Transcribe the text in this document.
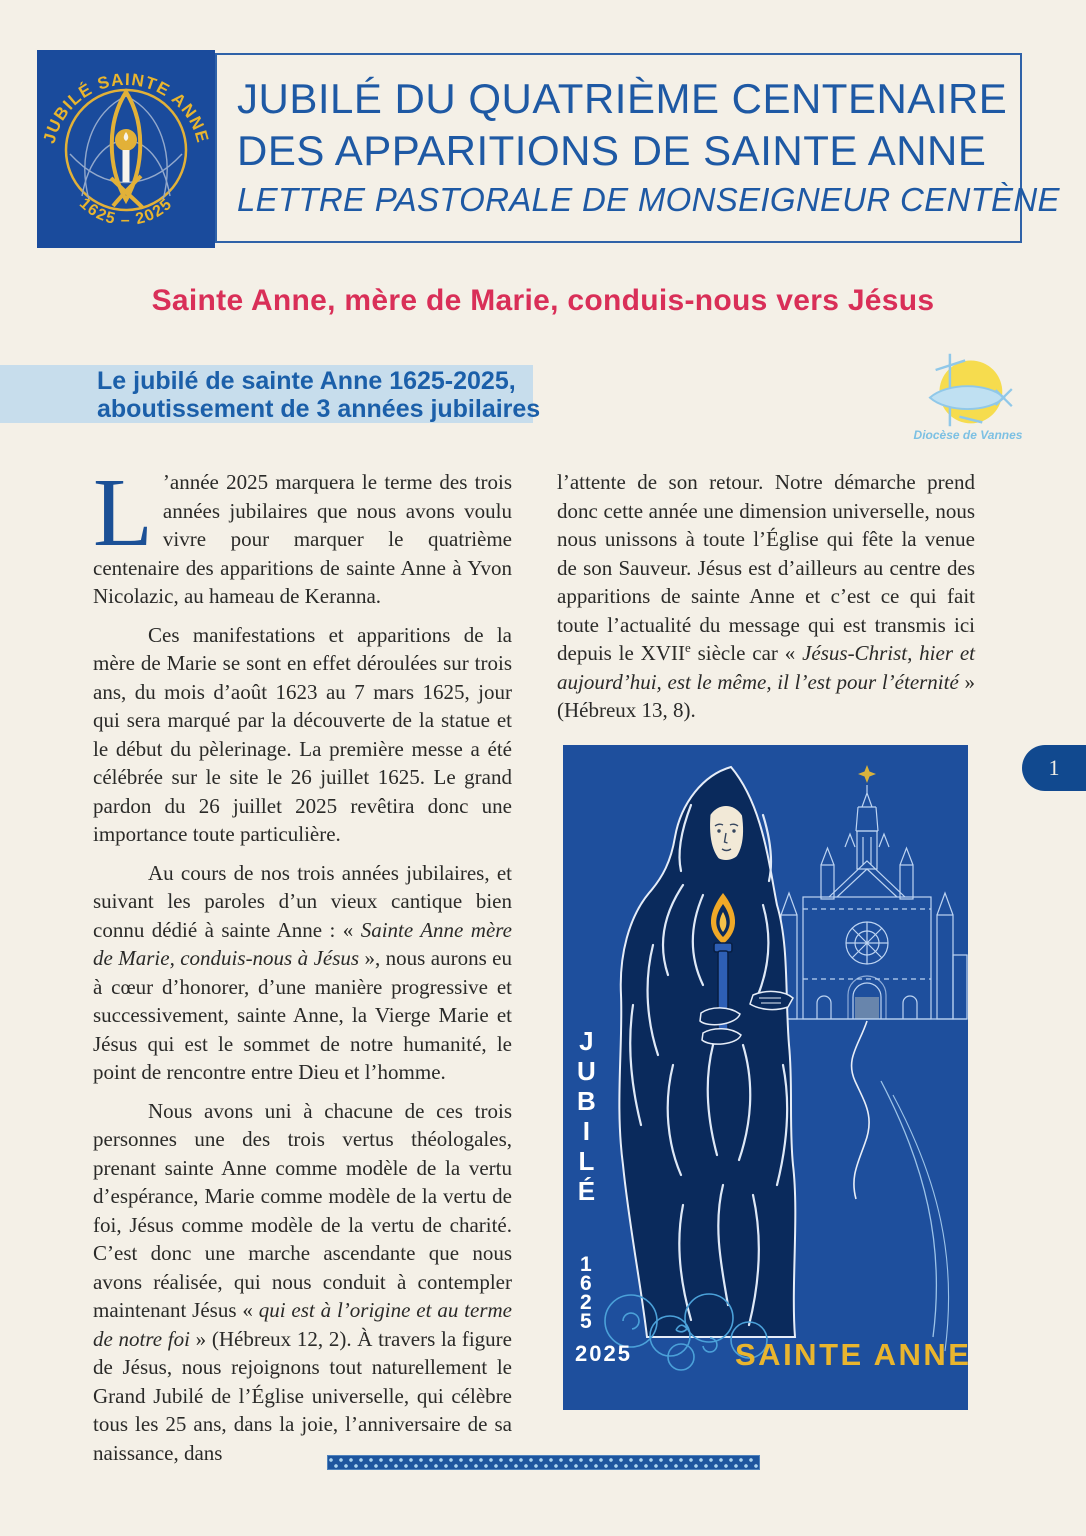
JUBILÉ SAINTE ANNE
1625 – 2025
JUBILÉ DU QUATRIÈME CENTENAIRE
DES APPARITIONS DE SAINTE ANNE
LETTRE PASTORALE DE MONSEIGNEUR CENTÈNE
Sainte Anne, mère de Marie, conduis-nous vers Jésus
Le jubilé de sainte Anne 1625-2025,
aboutissement de 3 années jubilaires
Diocèse de Vannes

L ’année 2025 marquera le terme des trois années jubilaires que nous avons voulu vivre pour marquer le quatrième centenaire des apparitions de sainte Anne à Yvon Nicolazic, au hameau de Keranna.

Ces manifestations et apparitions de la mère de Marie se sont en effet déroulées sur trois ans, du mois d’août 1623 au 7 mars 1625, jour qui sera marqué par la découverte de la statue et le début du pèlerinage. La première messe a été célébrée sur le site le 26 juillet 1625. Le grand pardon du 26 juillet 2025 revêtira donc une importance toute particulière.

Au cours de nos trois années jubilaires, et suivant les paroles d’un vieux cantique bien connu dédié à sainte Anne : « Sainte Anne mère de Marie, conduis-nous à Jésus », nous aurons eu à cœur d’honorer, d’une manière progressive et successivement, sainte Anne, la Vierge Marie et Jésus qui est le sommet de notre humanité, le point de rencontre entre Dieu et l’homme.

Nous avons uni à chacune de ces trois personnes une des trois vertus théologales, prenant sainte Anne comme modèle de la vertu d’espérance, Marie comme modèle de la vertu de foi, Jésus comme modèle de la vertu de charité. C’est donc une marche ascendante que nous avons réalisée, qui nous conduit à contempler maintenant Jésus « qui est à l’origine et au terme de notre foi » (Hébreux 12, 2). À travers la figure de Jésus, nous rejoignons tout naturellement le Grand Jubilé de l’Église universelle, qui célèbre tous les 25 ans, dans la joie, l’anniversaire de sa naissance, dans

l’attente de son retour. Notre démarche prend donc cette année une dimension universelle, nous nous unissons à toute l’Église qui fête la venue de son Sauveur. Jésus est d’ailleurs au centre des apparitions de sainte Anne et c’est ce qui fait toute l’actualité du message qui est transmis ici depuis le XVIIe siècle car « Jésus-Christ, hier et aujourd’hui, est le même, il l’est pour l’éternité » (Hébreux 13, 8).

J
U
B
I
L
É
1
6
2
5
2025	SAINTE ANNE
1
